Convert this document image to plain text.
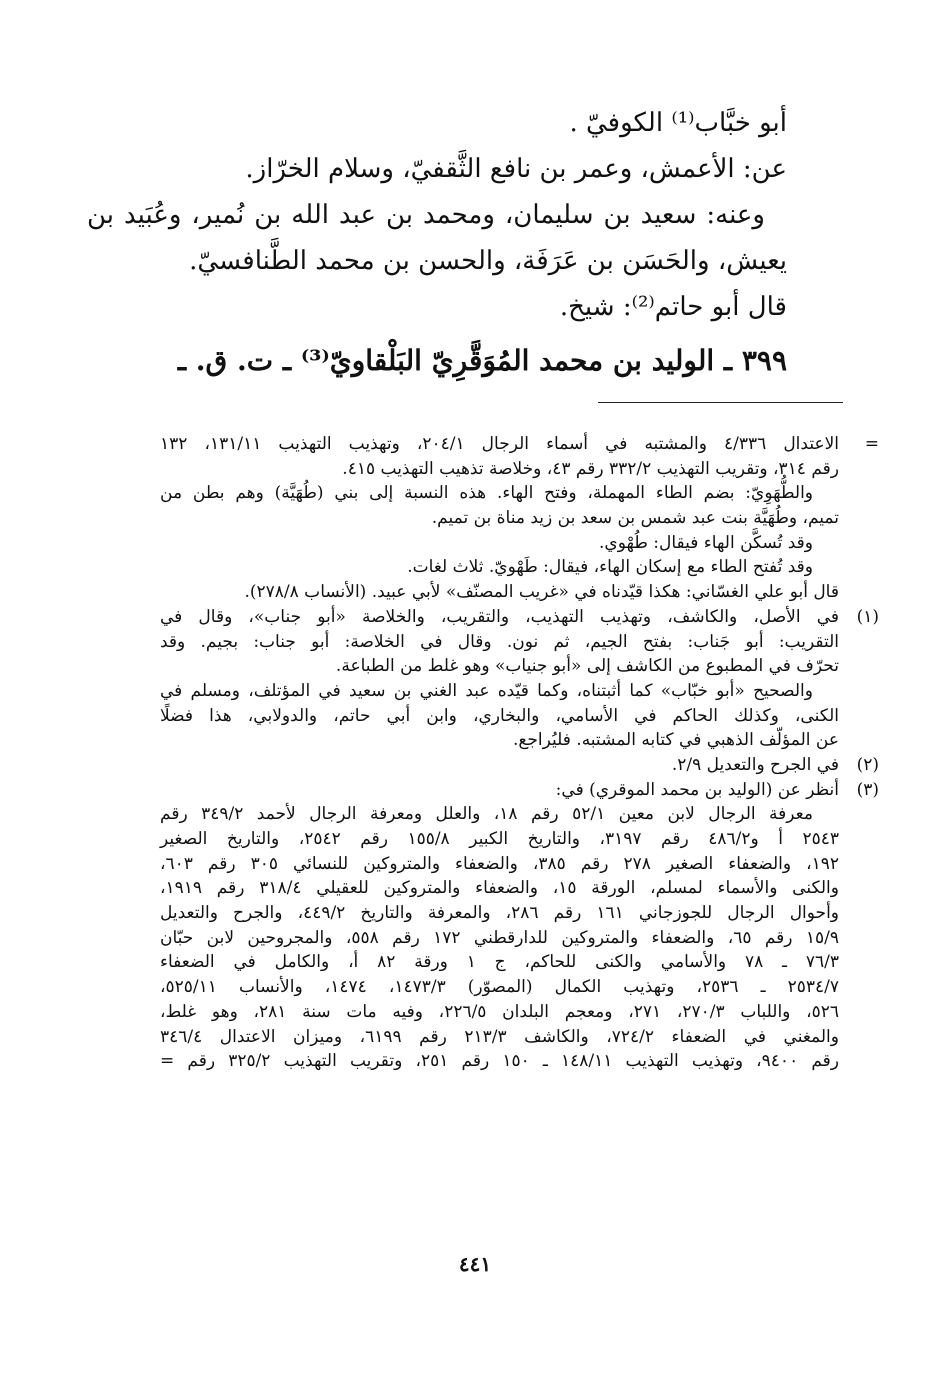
أبو خبَّاب⁽¹⁾ الكوفيّ .
عن: الأعمش، وعمر بن نافع الثَّقفيّ، وسلام الخرّاز.
وعنه: سعيد بن سليمان، ومحمد بن عبد الله بن نُمير، وعُبَيد بن
يعيش، والحَسَن بن عَرَفَة، والحسن بن محمد الطَّنافسيّ.
قال أبو حاتم⁽²⁾: شيخ.
٣٩٩ ـ الوليد بن محمد المُوَقَّرِيّ البَلْقاويّ⁽³⁾ ـ ت. ق. ـ
=
الاعتدال ٤/٣٣٦ والمشتبه في أسماء الرجال ٢٠٤/١، وتهذيب التهذيب ١٣١/١١، ١٣٢
رقم ٣١٤، وتقريب التهذيب ٣٣٢/٢ رقم ٤٣، وخلاصة تذهيب التهذيب ٤١٥.
والطُّهَوِيّ: بضم الطاء المهملة، وفتح الهاء. هذه النسبة إلى بني (طُهَيَّة) وهم بطن من
تميم، وطُهَيَّة بنت عبد شمس بن سعد بن زيد مناة بن تميم.
وقد تُسكَّن الهاء فيقال: طُهْوي.
وقد تُفتح الطاء مع إسكان الهاء، فيقال: طَهْويّ. ثلاث لغات.
قال أبو علي الغسّاني: هكذا قيّدناه في «غريب المصنّف» لأبي عبيد. (الأنساب ٢٧٨/٨).
(١)
في الأصل، والكاشف، وتهذيب التهذيب، والتقريب، والخلاصة «أبو جناب»، وقال في
التقريب: أبو جَناب: بفتح الجيم، ثم نون. وقال في الخلاصة: أبو جناب: بجيم. وقد
تحرّف في المطبوع من الكاشف إلى «أبو جنياب» وهو غلط من الطباعة.
والصحيح «أبو خبّاب» كما أثبتناه، وكما قيّده عبد الغني بن سعيد في المؤتلف، ومسلم في
الكنى، وكذلك الحاكم في الأسامي، والبخاري، وابن أبي حاتم، والدولابي، هذا فضلًا
عن المؤلّف الذهبي في كتابه المشتبه. فليُراجع.
(٢)
في الجرح والتعديل ٢/٩.
(٣)
أنظر عن (الوليد بن محمد الموقري) في:
معرفة الرجال لابن معين ٥٢/١ رقم ١٨، والعلل ومعرفة الرجال لأحمد ٣٤٩/٢ رقم
٢٥٤٣ أ و٤٨٦/٢ رقم ٣١٩٧، والتاريخ الكبير ١٥٥/٨ رقم ٢٥٤٢، والتاريخ الصغير
١٩٢، والضعفاء الصغير ٢٧٨ رقم ٣٨٥، والضعفاء والمتروكين للنسائي ٣٠٥ رقم ٦٠٣،
والكنى والأسماء لمسلم، الورقة ١٥، والضعفاء والمتروكين للعقيلي ٣١٨/٤ رقم ١٩١٩،
وأحوال الرجال للجوزجاني ١٦١ رقم ٢٨٦، والمعرفة والتاريخ ٤٤٩/٢، والجرح والتعديل
١٥/٩ رقم ٦٥، والضعفاء والمتروكين للدارقطني ١٧٢ رقم ٥٥٨، والمجروحين لابن حبّان
٧٦/٣ ـ ٧٨ والأسامي والكنى للحاكم، ج ١ ورقة ٨٢ أ، والكامل في الضعفاء
٢٥٣٤/٧ ـ ٢٥٣٦، وتهذيب الكمال (المصوّر) ١٤٧٣/٣، ١٤٧٤، والأنساب ٥٢٥/١١،
٥٢٦، واللباب ٢٧٠/٣، ٢٧١، ومعجم البلدان ٢٢٦/٥، وفيه مات سنة ٢٨١، وهو غلط،
والمغني في الضعفاء ٧٢٤/٢، والكاشف ٢١٣/٣ رقم ٦١٩٩، وميزان الاعتدال ٣٤٦/٤
رقم ٩٤٠٠، وتهذيب التهذيب ١٤٨/١١ ـ ١٥٠ رقم ٢٥١، وتقريب التهذيب ٣٢٥/٢ رقم =
٤٤١
